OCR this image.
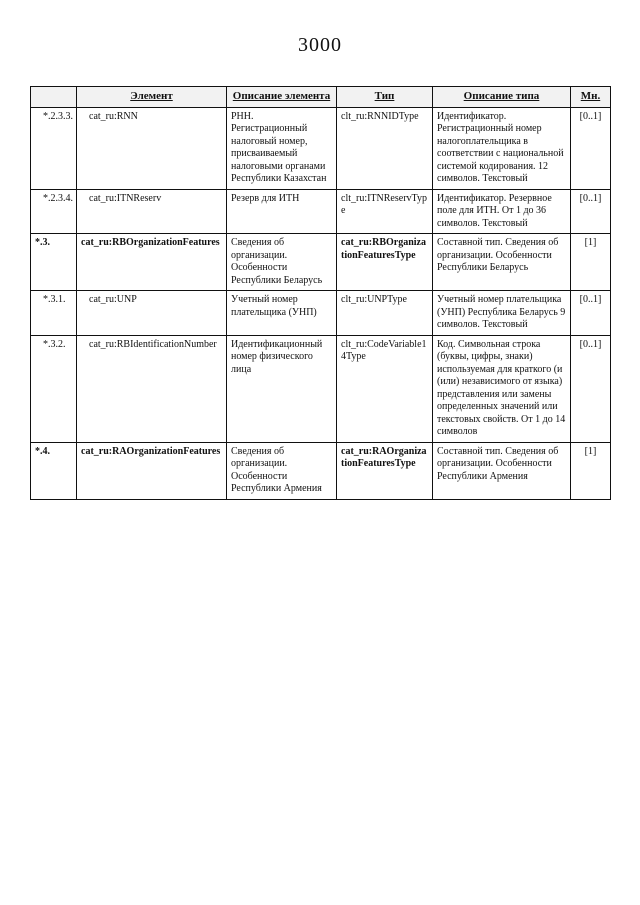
3000
	Элемент	Описание элемента	Тип	Описание типа	Мн.
*.2.3.3.	cat_ru:RNN	РНН. Регистрационный налоговый номер, присваиваемый налоговыми органами Республики Казахстан	clt_ru:RNNIDType	Идентификатор. Регистрационный номер налогоплательщика в соответствии с национальной системой кодирования. 12 символов. Текстовый	[0..1]
*.2.3.4.	cat_ru:ITNReserv	Резерв для ИТН	clt_ru:ITNReservType	Идентификатор. Резервное поле для ИТН. От 1 до 36 символов. Текстовый	[0..1]
*.3.	cat_ru:RBOrganizationFeatures	Сведения об организации. Особенности Республики Беларусь	cat_ru:RBOrganizationFeaturesType	Составной тип. Сведения об организации. Особенности Республики Беларусь	[1]
*.3.1.	cat_ru:UNP	Учетный номер плательщика (УНП)	clt_ru:UNPType	Учетный номер плательщика (УНП) Республика Беларусь 9 символов. Текстовый	[0..1]
*.3.2.	cat_ru:RBIdentificationNumber	Идентификационный номер физического лица	clt_ru:CodeVariable14Type	Код. Символьная строка (буквы, цифры, знаки) используемая для краткого (и (или) независимого от языка) представления или замены определенных значений или текстовых свойств. От 1 до 14 символов	[0..1]
*.4.	cat_ru:RAOrganizationFeatures	Сведения об организации. Особенности Республики Армения	cat_ru:RAOrganizationFeaturesType	Составной тип. Сведения об организации. Особенности Республики Армения	[1]
